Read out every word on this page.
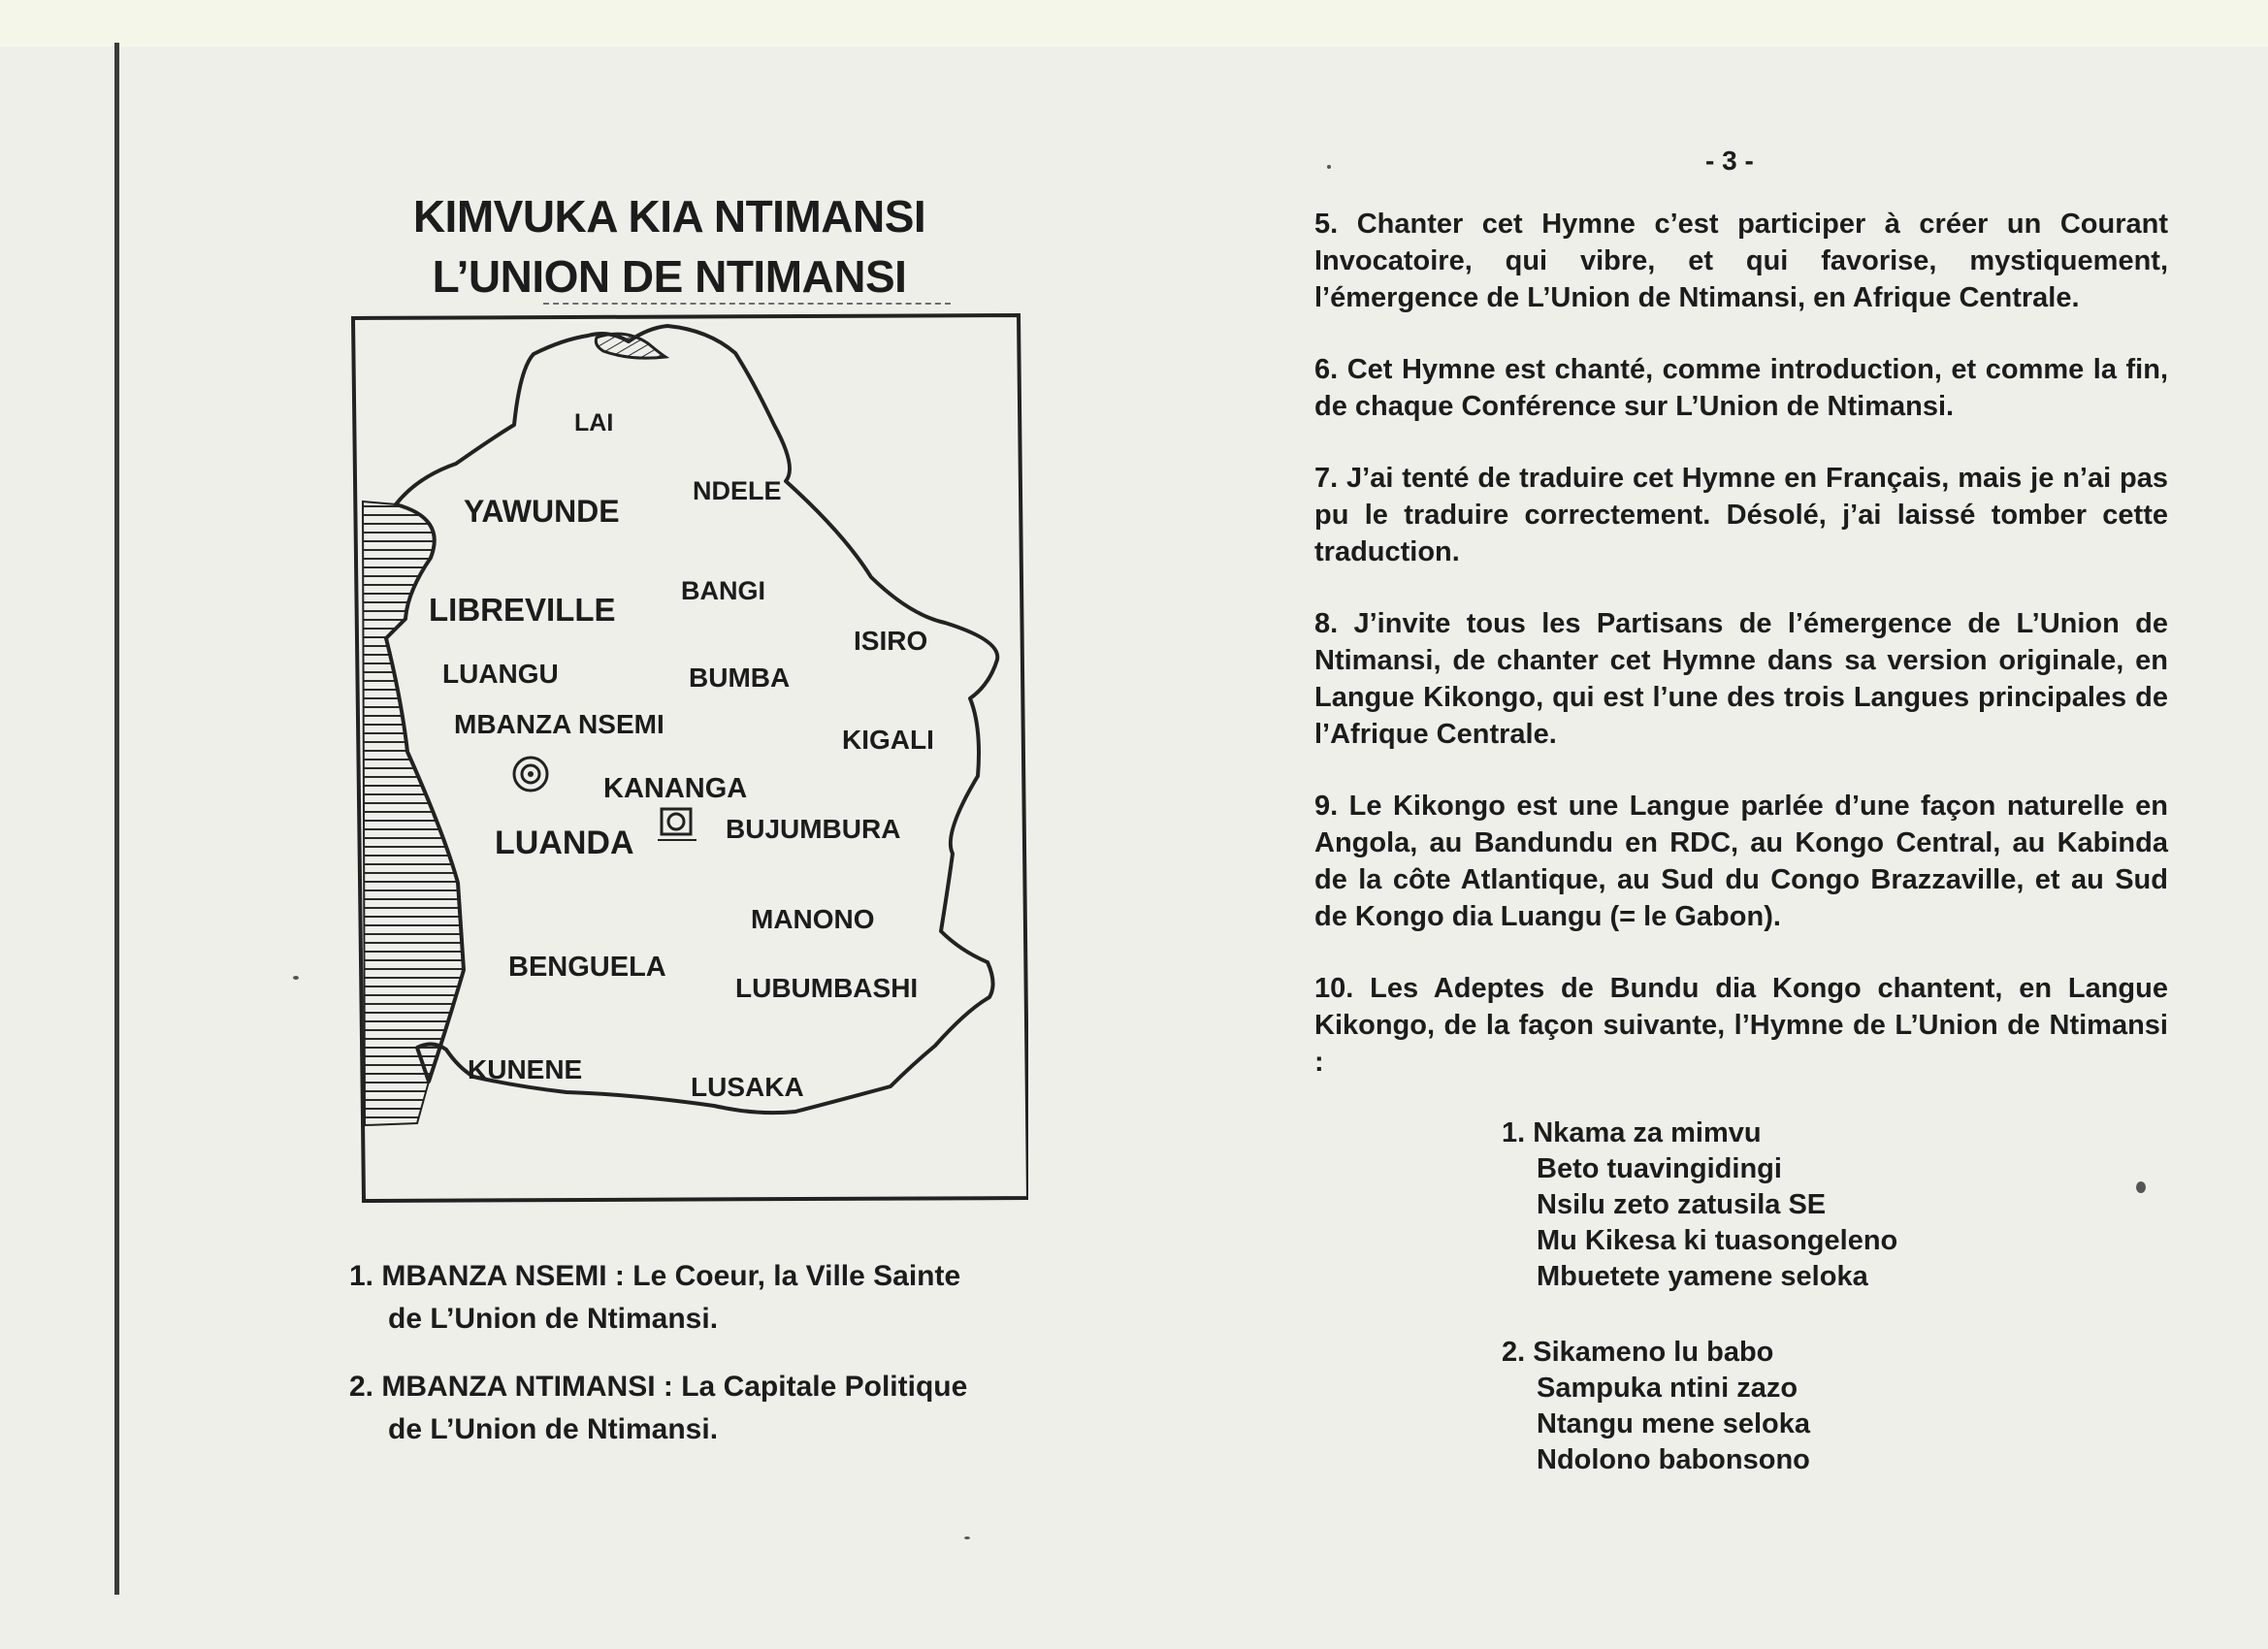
KIMVUKA KIA NTIMANSI
L’UNION DE NTIMANSI
LAI
YAWUNDE
NDELE
LIBREVILLE
BANGI
ISIRO
LUANGU	BUMBA
MBANZA NSEMI
KIGALI
KANANGA
LUANDA	BUJUMBURA
MANONO
BENGUELA
LUBUMBASHI
KUNENE
LUSAKA
1. MBANZA NSEMI : Le Coeur, la Ville Sainte
de L’Union de Ntimansi.
2. MBANZA NTIMANSI : La Capitale Politique
de L’Union de Ntimansi.
- 3 -
5. Chanter cet Hymne c’est participer à créer un Courant Invocatoire, qui vibre, et qui favorise, mystiquement, l’émergence de L’Union de Ntimansi, en Afrique Centrale.
6. Cet Hymne est chanté, comme introduction, et comme la fin, de chaque Conférence sur L’Union de Ntimansi.
7. J’ai tenté de traduire cet Hymne en Français, mais je n’ai pas pu le traduire correctement. Désolé, j’ai laissé tomber cette traduction.
8. J’invite tous les Partisans de l’émergence de L’Union de Ntimansi, de chanter cet Hymne dans sa version originale, en Langue Kikongo, qui est l’une des trois Langues principales de l’Afrique Centrale.
9. Le Kikongo est une Langue parlée d’une façon naturelle en Angola, au Bandundu en RDC, au Kongo Central, au Kabinda de la côte Atlantique, au Sud du Congo Brazzaville, et au Sud de Kongo dia Luangu (= le Gabon).
10. Les Adeptes de Bundu dia Kongo chantent, en Langue Kikongo, de la façon suivante, l’Hymne de L’Union de Ntimansi :
1. Nkama za mimvu
Beto tuavingidingi
Nsilu zeto zatusila SE
Mu Kikesa ki tuasongeleno
Mbuetete yamene seloka
2. Sikameno lu babo
Sampuka ntini zazo
Ntangu mene seloka
Ndolono babonsono
